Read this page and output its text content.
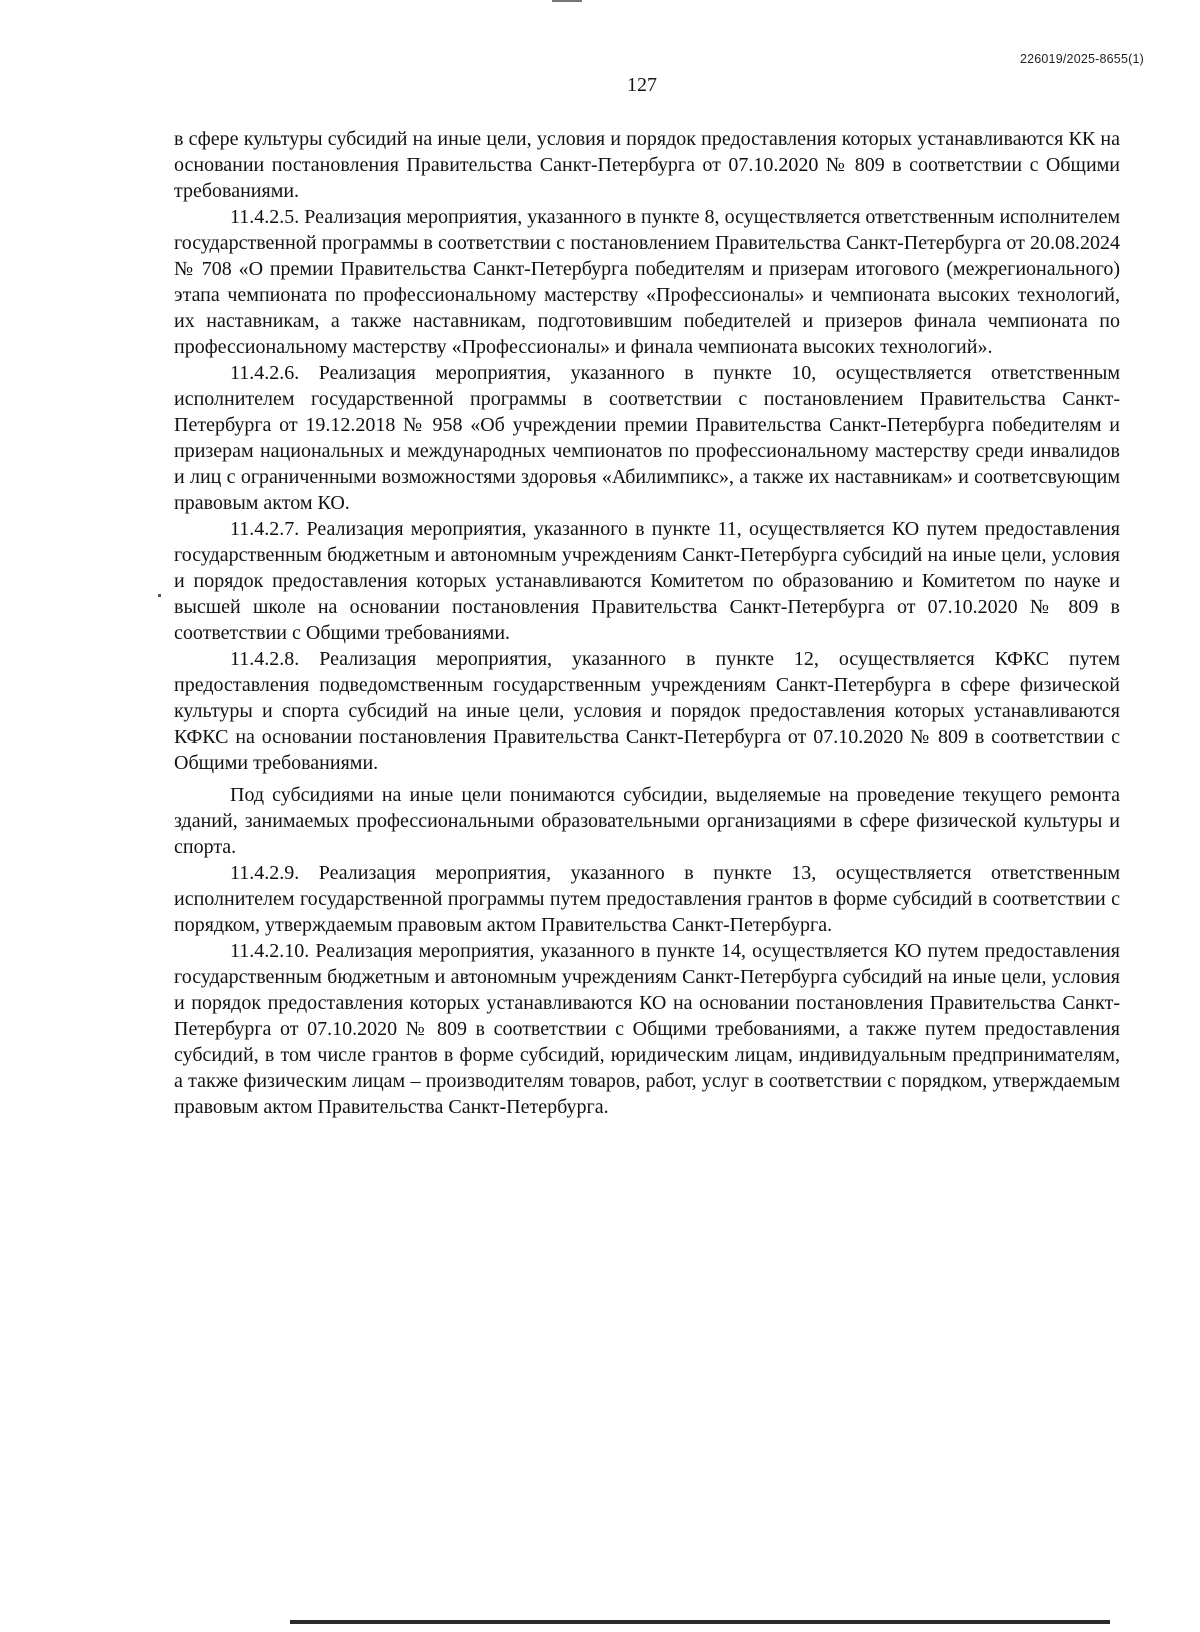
226019/2025-8655(1)
127

в сфере культуры субсидий на иные цели, условия и порядок предоставления которых устанавливаются КК на основании постановления Правительства Санкт-Петербурга от 07.10.2020 № 809 в соответствии с Общими требованиями.

11.4.2.5. Реализация мероприятия, указанного в пункте 8, осуществляется ответственным исполнителем государственной программы в соответствии с постановлением Правительства Санкт-Петербурга от 20.08.2024 № 708 «О премии Правительства Санкт-Петербурга победителям и призерам итогового (межрегионального) этапа чемпионата по профессиональному мастерству «Профессионалы» и чемпионата высоких технологий, их наставникам, а также наставникам, подготовившим победителей и призеров финала чемпионата по профессиональному мастерству «Профессионалы» и финала чемпионата высоких технологий».

11.4.2.6. Реализация мероприятия, указанного в пункте 10, осуществляется ответственным исполнителем государственной программы в соответствии с постановлением Правительства Санкт-Петербурга от 19.12.2018 № 958 «Об учреждении премии Правительства Санкт-Петербурга победителям и призерам национальных и международных чемпионатов по профессиональному мастерству среди инвалидов и лиц с ограниченными возможностями здоровья «Абилимпикс», а также их наставникам» и соответсвующим правовым актом КО.

11.4.2.7. Реализация мероприятия, указанного в пункте 11, осуществляется КО путем предоставления государственным бюджетным и автономным учреждениям Санкт-Петербурга субсидий на иные цели, условия и порядок предоставления которых устанавливаются Комитетом по образованию и Комитетом по науке и высшей школе на основании постановления Правительства Санкт-Петербурга от 07.10.2020 № 809 в соответствии с Общими требованиями.

11.4.2.8. Реализация мероприятия, указанного в пункте 12, осуществляется КФКС путем предоставления подведомственным государственным учреждениям Санкт-Петербурга в сфере физической культуры и спорта субсидий на иные цели, условия и порядок предоставления которых устанавливаются КФКС на основании постановления Правительства Санкт-Петербурга от 07.10.2020 № 809 в соответствии с Общими требованиями.

Под субсидиями на иные цели понимаются субсидии, выделяемые на проведение текущего ремонта зданий, занимаемых профессиональными образовательными организациями в сфере физической культуры и спорта.

11.4.2.9. Реализация мероприятия, указанного в пункте 13, осуществляется ответственным исполнителем государственной программы путем предоставления грантов в форме субсидий в соответствии с порядком, утверждаемым правовым актом Правительства Санкт-Петербурга.

11.4.2.10. Реализация мероприятия, указанного в пункте 14, осуществляется КО путем предоставления государственным бюджетным и автономным учреждениям Санкт-Петербурга субсидий на иные цели, условия и порядок предоставления которых устанавливаются КО на основании постановления Правительства Санкт-Петербурга от 07.10.2020 № 809 в соответствии с Общими требованиями, а также путем предоставления субсидий, в том числе грантов в форме субсидий, юридическим лицам, индивидуальным предпринимателям, а также физическим лицам – производителям товаров, работ, услуг в соответствии с порядком, утверждаемым правовым актом Правительства Санкт-Петербурга.
